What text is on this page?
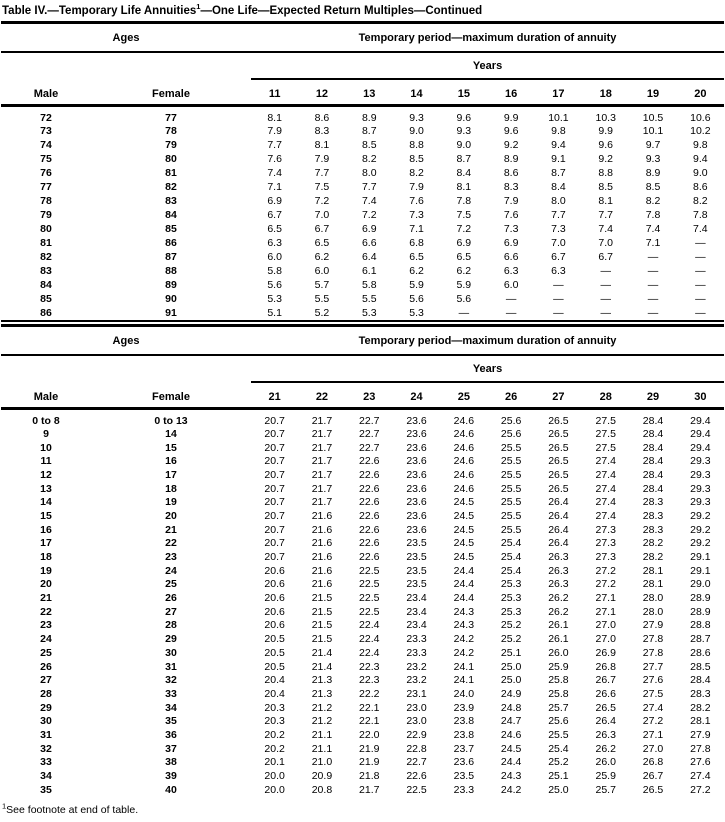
Table IV.—Temporary Life Annuities$^1$—One Life—Expected Return Multiples—Continued
Ages		Temporary period—maximum duration of annuity									
		Years									
Male	Female	11	12	13	14	15	16	17	18	19	20
72	77	8.1	8.6	8.9	9.3	9.6	9.9	10.1	10.3	10.5	10.6
73	78	7.9	8.3	8.7	9.0	9.3	9.6	9.8	9.9	10.1	10.2
74	79	7.7	8.1	8.5	8.8	9.0	9.2	9.4	9.6	9.7	9.8
75	80	7.6	7.9	8.2	8.5	8.7	8.9	9.1	9.2	9.3	9.4
76	81	7.4	7.7	8.0	8.2	8.4	8.6	8.7	8.8	8.9	9.0
77	82	7.1	7.5	7.7	7.9	8.1	8.3	8.4	8.5	8.5	8.6
78	83	6.9	7.2	7.4	7.6	7.8	7.9	8.0	8.1	8.2	8.2
79	84	6.7	7.0	7.2	7.3	7.5	7.6	7.7	7.7	7.8	7.8
80	85	6.5	6.7	6.9	7.1	7.2	7.3	7.3	7.4	7.4	7.4
81	86	6.3	6.5	6.6	6.8	6.9	6.9	7.0	7.0	7.1	—
82	87	6.0	6.2	6.4	6.5	6.5	6.6	6.7	6.7	—	—
83	88	5.8	6.0	6.1	6.2	6.2	6.3	6.3	—	—	—
84	89	5.6	5.7	5.8	5.9	5.9	6.0	—	—	—	—
85	90	5.3	5.5	5.5	5.6	5.6	—	—	—	—	—
86	91	5.1	5.2	5.3	5.3	—	—	—	—	—	—
Ages		Temporary period—maximum duration of annuity									
		Years									
Male	Female	21	22	23	24	25	26	27	28	29	30
0 to 8	0 to 13	20.7	21.7	22.7	23.6	24.6	25.6	26.5	27.5	28.4	29.4
9	14	20.7	21.7	22.7	23.6	24.6	25.6	26.5	27.5	28.4	29.4
10	15	20.7	21.7	22.7	23.6	24.6	25.5	26.5	27.5	28.4	29.4
11	16	20.7	21.7	22.6	23.6	24.6	25.5	26.5	27.4	28.4	29.3
12	17	20.7	21.7	22.6	23.6	24.6	25.5	26.5	27.4	28.4	29.3
13	18	20.7	21.7	22.6	23.6	24.6	25.5	26.5	27.4	28.4	29.3
14	19	20.7	21.7	22.6	23.6	24.5	25.5	26.4	27.4	28.3	29.3
15	20	20.7	21.6	22.6	23.6	24.5	25.5	26.4	27.4	28.3	29.2
16	21	20.7	21.6	22.6	23.6	24.5	25.5	26.4	27.3	28.3	29.2
17	22	20.7	21.6	22.6	23.5	24.5	25.4	26.4	27.3	28.2	29.2
18	23	20.7	21.6	22.6	23.5	24.5	25.4	26.3	27.3	28.2	29.1
19	24	20.6	21.6	22.5	23.5	24.4	25.4	26.3	27.2	28.1	29.1
20	25	20.6	21.6	22.5	23.5	24.4	25.3	26.3	27.2	28.1	29.0
21	26	20.6	21.5	22.5	23.4	24.4	25.3	26.2	27.1	28.0	28.9
22	27	20.6	21.5	22.5	23.4	24.3	25.3	26.2	27.1	28.0	28.9
23	28	20.6	21.5	22.4	23.4	24.3	25.2	26.1	27.0	27.9	28.8
24	29	20.5	21.5	22.4	23.3	24.2	25.2	26.1	27.0	27.8	28.7
25	30	20.5	21.4	22.4	23.3	24.2	25.1	26.0	26.9	27.8	28.6
26	31	20.5	21.4	22.3	23.2	24.1	25.0	25.9	26.8	27.7	28.5
27	32	20.4	21.3	22.3	23.2	24.1	25.0	25.8	26.7	27.6	28.4
28	33	20.4	21.3	22.2	23.1	24.0	24.9	25.8	26.6	27.5	28.3
29	34	20.3	21.2	22.1	23.0	23.9	24.8	25.7	26.5	27.4	28.2
30	35	20.3	21.2	22.1	23.0	23.8	24.7	25.6	26.4	27.2	28.1
31	36	20.2	21.1	22.0	22.9	23.8	24.6	25.5	26.3	27.1	27.9
32	37	20.2	21.1	21.9	22.8	23.7	24.5	25.4	26.2	27.0	27.8
33	38	20.1	21.0	21.9	22.7	23.6	24.4	25.2	26.0	26.8	27.6
34	39	20.0	20.9	21.8	22.6	23.5	24.3	25.1	25.9	26.7	27.4
35	40	20.0	20.8	21.7	22.5	23.3	24.2	25.0	25.7	26.5	27.2
$^1$See footnote at end of table.
